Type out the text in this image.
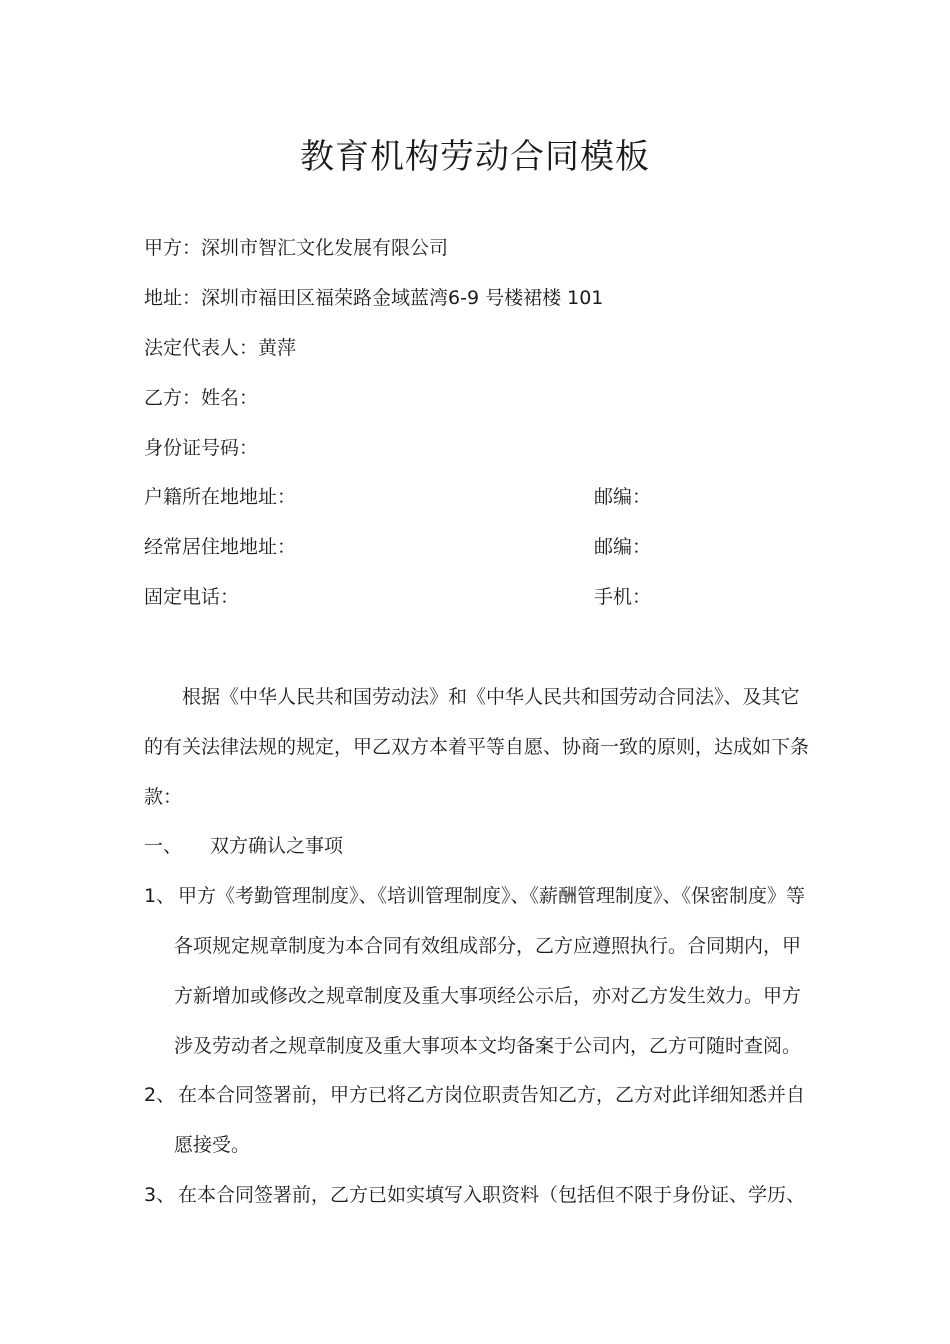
教育机构劳动合同模板
甲方：深圳市智汇文化发展有限公司
地址：深圳市福田区福荣路金域蓝湾6-9 号楼裙楼 101
法定代表人：黄萍
乙方：姓名：
身份证号码：
户籍所在地地址：	邮编：
经常居住地地址：	邮编：
固定电话：	手机：
根据《中华人民共和国劳动法》和《中华人民共和国劳动合同法》、及其它
的有关法律法规的规定，甲乙双方本着平等自愿、协商一致的原则，达成如下条
款：
一、 双方确认之事项
1、 甲方《考勤管理制度》、《培训管理制度》、《薪酬管理制度》、《保密制度》等
各项规定规章制度为本合同有效组成部分，乙方应遵照执行。合同期内，甲
方新增加或修改之规章制度及重大事项经公示后，亦对乙方发生效力。甲方
涉及劳动者之规章制度及重大事项本文均备案于公司内，乙方可随时查阅。
2、 在本合同签署前，甲方已将乙方岗位职责告知乙方，乙方对此详细知悉并自
愿接受。
3、 在本合同签署前，乙方已如实填写入职资料（包括但不限于身份证、学历、
